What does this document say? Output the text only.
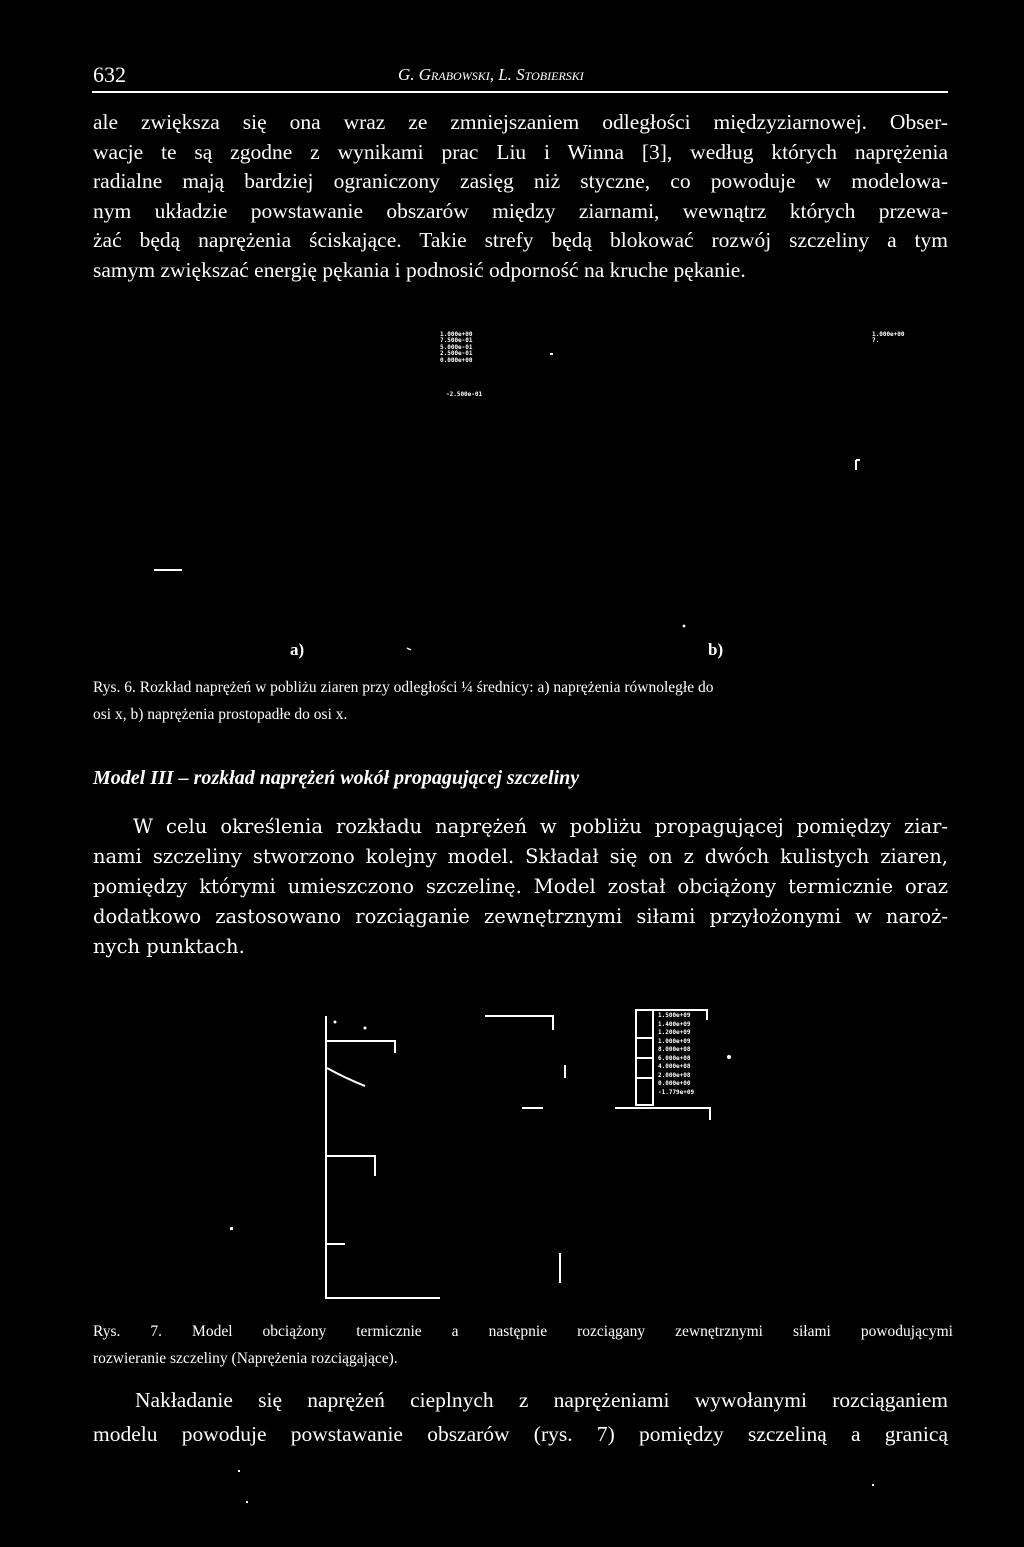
632	G. Grabowski, L. Stobierski

ale zwiększa się ona wraz ze zmniejszaniem odległości międzyziarnowej. Obser-

wacje te są zgodne z wynikami prac Liu i Winna [3], według których naprężenia

radialne mają bardziej ograniczony zasięg niż styczne, co powoduje w modelowa-

nym układzie powstawanie obszarów między ziarnami, wewnątrz których przewa-

żać będą naprężenia ściskające. Takie strefy będą blokować rozwój szczeliny a tym

samym zwiększać energię pękania i podnosić odporność na kruche pękanie.

1.000e+00
7.500e-01
5.000e-01
2.500e-01
0.000e+00
-2.500e-01
1.000e+00
7.
a)	b)
Rys. 6. Rozkład naprężeń w pobliżu ziaren przy odległości ¼ średnicy: a) naprężenia równoległe do
osi x, b) naprężenia prostopadłe do osi x.
Model III – rozkład naprężeń wokół propagującej szczeliny

W celu określenia rozkładu naprężeń w pobliżu propagującej pomiędzy ziar-

nami szczeliny stworzono kolejny model. Składał się on z dwóch kulistych ziaren,

pomiędzy którymi umieszczono szczelinę. Model został obciążony termicznie oraz

dodatkowo zastosowano rozciąganie zewnętrznymi siłami przyłożonymi w naroż-

nych punktach.

1.500e+09
1.400e+09
1.200e+09
1.000e+09
8.000e+08
6.000e+08
4.000e+08
2.000e+08
0.000e+00
-1.779e+09
Rys. 7. Model obciążony termicznie a następnie rozciągany zewnętrznymi siłami powodującymi
rozwieranie szczeliny (Naprężenia rozciągające).

Nakładanie się naprężeń cieplnych z naprężeniami wywołanymi rozciąganiem

modelu powoduje powstawanie obszarów (rys. 7) pomiędzy szczeliną a granicą
